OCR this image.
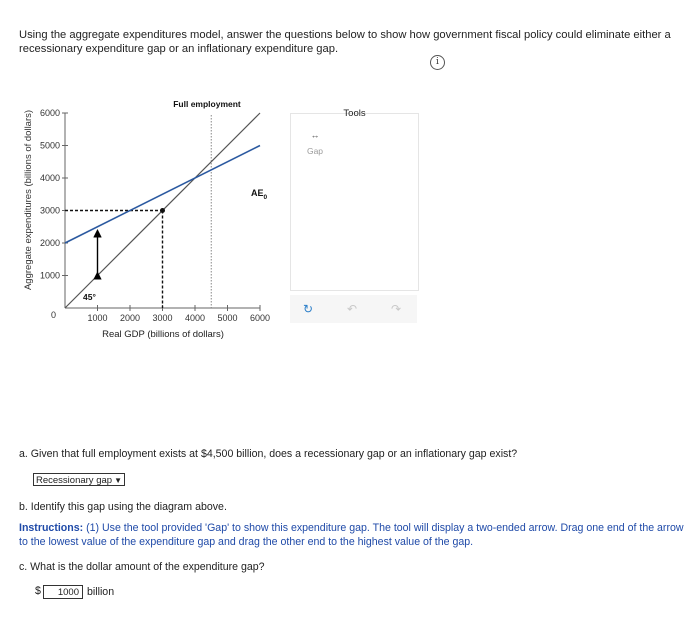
Using the aggregate expenditures model, answer the questions below to show how government fiscal policy could eliminate either a recessionary expenditure gap or an inflationary expenditure gap.
i
Aggregate expenditures (billions of dollars)
Real GDP (billions of dollars)
0
1000
2000
3000
4000
5000
6000
1000 2000 3000 4000 5000 6000
Full employment
45°
$AE_0$
Tools
↔
Gap
↻	↶	↷
a. Given that full employment exists at $4,500 billion, does a recessionary gap or an inflationary gap exist?
Recessionary gap ▼
b. Identify this gap using the diagram above.
Instructions: (1) Use the tool provided 'Gap' to show this expenditure gap. The tool will display a two-ended arrow. Drag one end of the arrow to the lowest value of the expenditure gap and drag the other end to the highest value of the gap.
c. What is the dollar amount of the expenditure gap?
$	1000 billion
